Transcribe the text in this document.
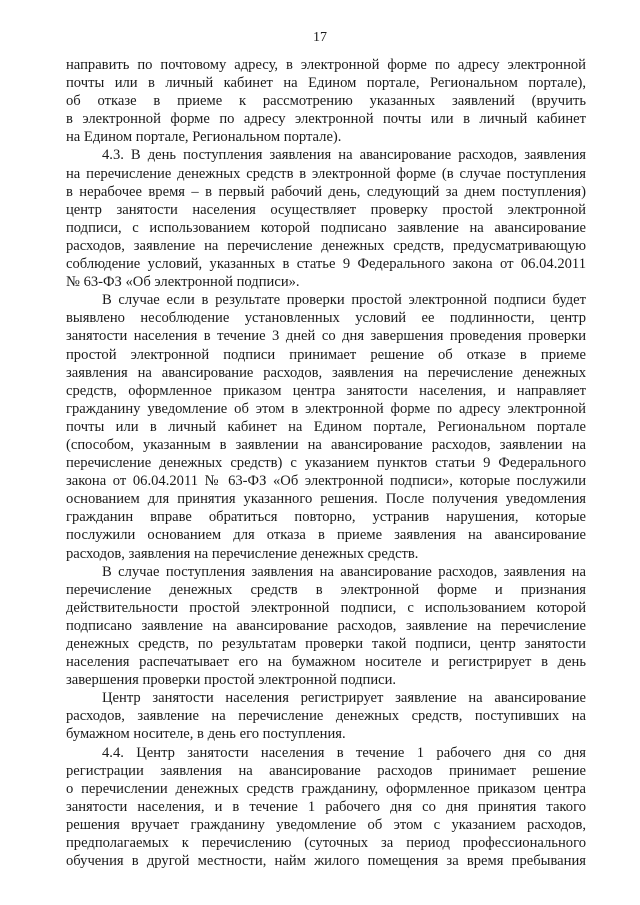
17
направить по почтовому адресу, в электронной форме по адресу электронной
почты или в личный кабинет на Едином портале, Региональном портале),
об отказе в приеме к рассмотрению указанных заявлений (вручить
в электронной форме по адресу электронной почты или в личный кабинет
на Едином портале, Региональном портале).
4.3. В день поступления заявления на авансирование расходов, заявления
на перечисление денежных средств в электронной форме (в случае поступления
в нерабочее время – в первый рабочий день, следующий за днем поступления)
центр занятости населения осуществляет проверку простой электронной
подписи, с использованием которой подписано заявление на авансирование
расходов, заявление на перечисление денежных средств, предусматривающую
соблюдение условий, указанных в статье 9 Федерального закона от 06.04.2011
№ 63-ФЗ «Об электронной подписи».
В случае если в результате проверки простой электронной подписи будет
выявлено несоблюдение установленных условий ее подлинности, центр
занятости населения в течение 3 дней со дня завершения проведения проверки
простой электронной подписи принимает решение об отказе в приеме
заявления на авансирование расходов, заявления на перечисление денежных
средств, оформленное приказом центра занятости населения, и направляет
гражданину уведомление об этом в электронной форме по адресу электронной
почты или в личный кабинет на Едином портале, Региональном портале
(способом, указанным в заявлении на авансирование расходов, заявлении на
перечисление денежных средств) с указанием пунктов статьи 9 Федерального
закона от 06.04.2011 № 63-ФЗ «Об электронной подписи», которые послужили
основанием для принятия указанного решения. После получения уведомления
гражданин вправе обратиться повторно, устранив нарушения, которые
послужили основанием для отказа в приеме заявления на авансирование
расходов, заявления на перечисление денежных средств.
В случае поступления заявления на авансирование расходов, заявления на
перечисление денежных средств в электронной форме и признания
действительности простой электронной подписи, с использованием которой
подписано заявление на авансирование расходов, заявление на перечисление
денежных средств, по результатам проверки такой подписи, центр занятости
населения распечатывает его на бумажном носителе и регистрирует в день
завершения проверки простой электронной подписи.
Центр занятости населения регистрирует заявление на авансирование
расходов, заявление на перечисление денежных средств, поступивших на
бумажном носителе, в день его поступления.
4.4. Центр занятости населения в течение 1 рабочего дня со дня
регистрации заявления на авансирование расходов принимает решение
о перечислении денежных средств гражданину, оформленное приказом центра
занятости населения, и в течение 1 рабочего дня со дня принятия такого
решения вручает гражданину уведомление об этом с указанием расходов,
предполагаемых к перечислению (суточных за период профессионального
обучения в другой местности, найм жилого помещения за время пребывания
